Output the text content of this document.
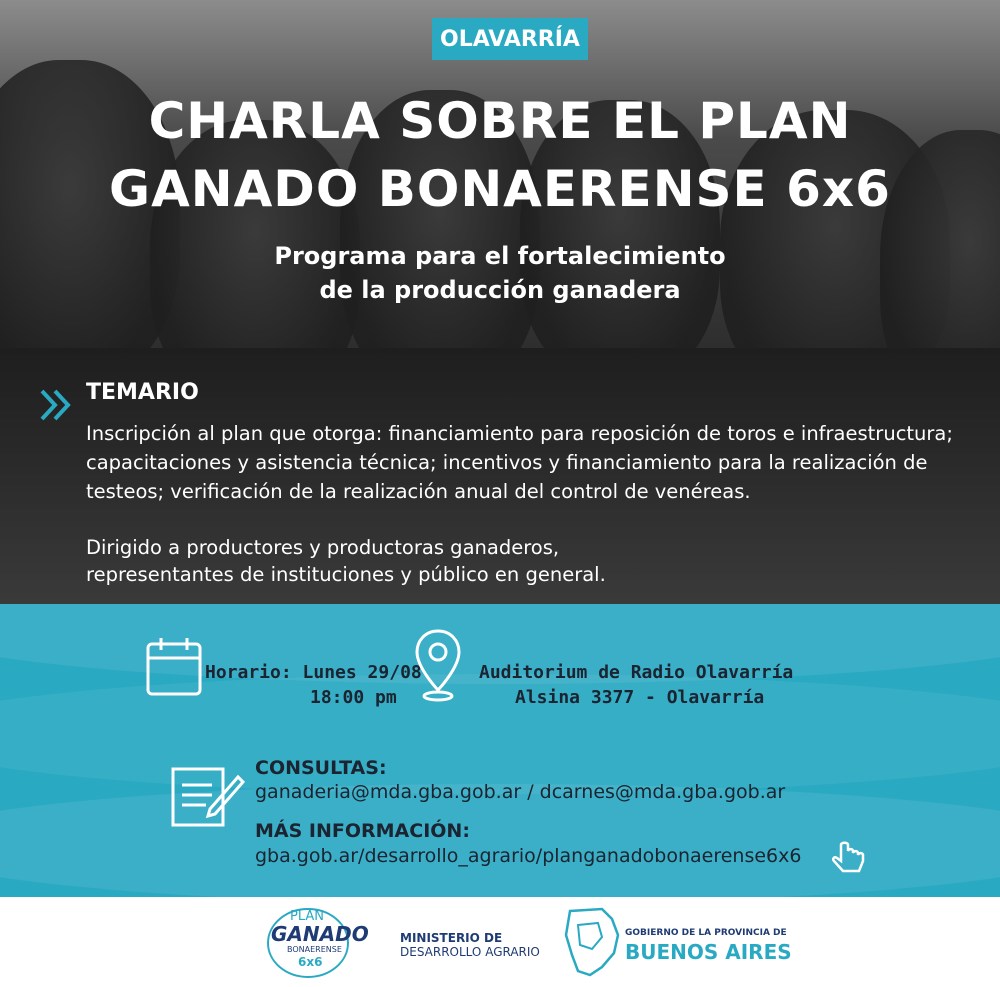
OLAVARRÍA
CHARLA SOBRE EL PLAN
GANADO BONAERENSE 6x6
Programa para el fortalecimiento
de la producción ganadera
TEMARIO
Inscripción al plan que otorga: financiamiento para reposición de toros e infraestructura;
capacitaciones y asistencia técnica; incentivos y financiamiento para la realización de
testeos; verificación de la realización anual del control de venéreas.
Dirigido a productores y productoras ganaderos,
representantes de instituciones y público en general.
Horario: Lunes 29/08
18:00 pm
Auditorium de Radio Olavarría
Alsina 3377 - Olavarría
CONSULTAS:
ganaderia@mda.gba.gob.ar / dcarnes@mda.gba.gob.ar
MÁS INFORMACIÓN:
gba.gob.ar/desarrollo_agrario/planganadobonaerense6x6
PLAN
GANADO
BONAERENSE
6x6
MINISTERIO DE
DESARROLLO AGRARIO
GOBIERNO DE LA PROVINCIA DE
BUENOS AIRES
